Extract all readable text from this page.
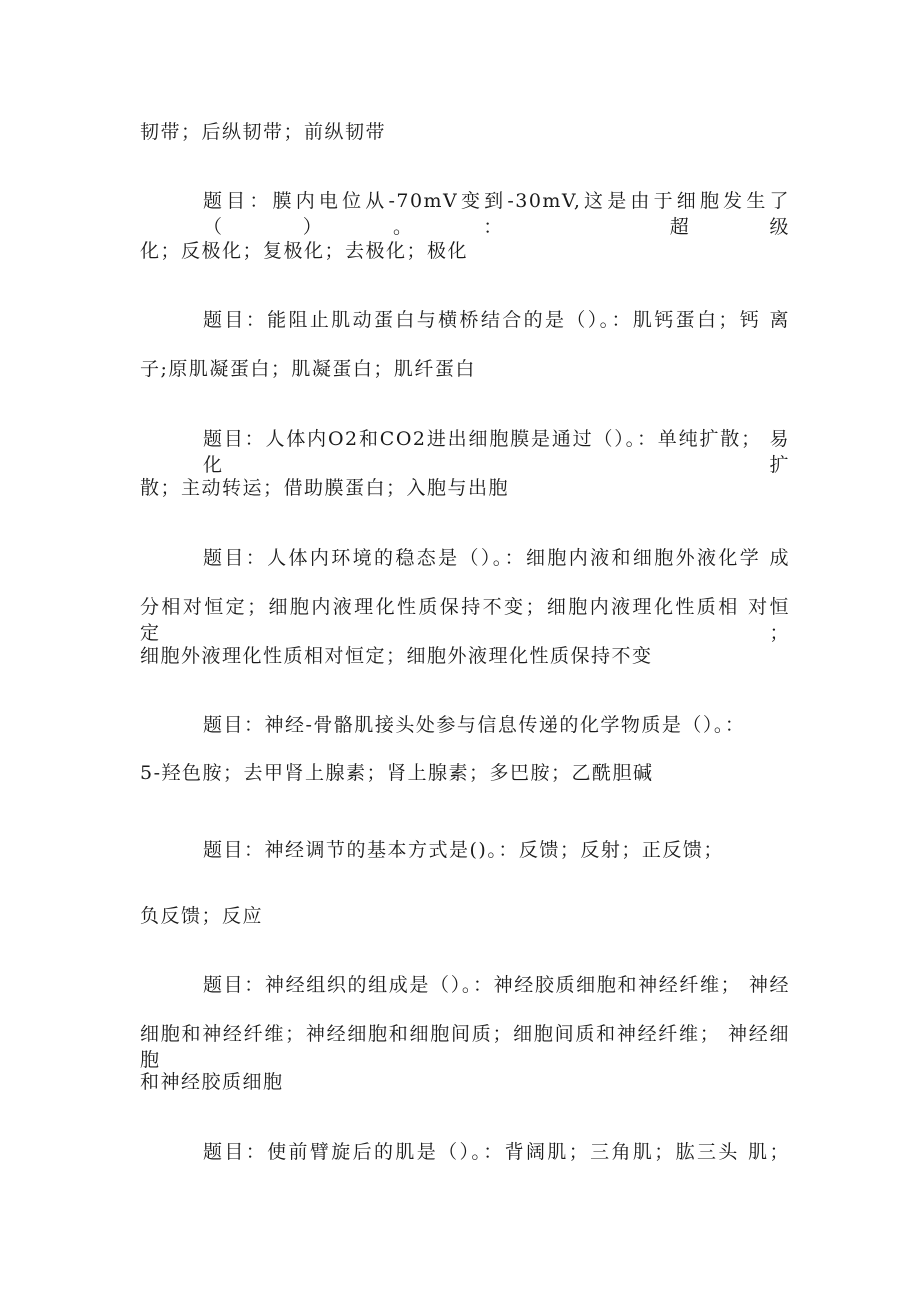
韧带；后纵韧带；前纵韧带
题目：膜内电位从-70mV变到-30mV,这是由于细胞发生了（）。： 超级
化；反极化；复极化；去极化；极化
题目：能阻止肌动蛋白与横桥结合的是（）。：肌钙蛋白；钙 离
子;原肌凝蛋白；肌凝蛋白；肌纤蛋白
题目：人体内O2和CO2进出细胞膜是通过（）。：单纯扩散； 易化扩
散；主动转运；借助膜蛋白；入胞与出胞
题目：人体内环境的稳态是（）。：细胞内液和细胞外液化学 成
分相对恒定；细胞内液理化性质保持不变；细胞内液理化性质相 对恒定；
细胞外液理化性质相对恒定；细胞外液理化性质保持不变
题目：神经-骨骼肌接头处参与信息传递的化学物质是（）。：
5-羟色胺；去甲肾上腺素；肾上腺素；多巴胺；乙酰胆碱
题目：神经调节的基本方式是()。：反馈；反射；正反馈；
负反馈；反应
题目：神经组织的组成是（）。：神经胶质细胞和神经纤维； 神经
细胞和神经纤维；神经细胞和细胞间质；细胞间质和神经纤维； 神经细胞
和神经胶质细胞
题目：使前臂旋后的肌是（）。：背阔肌；三角肌；肱三头 肌；
